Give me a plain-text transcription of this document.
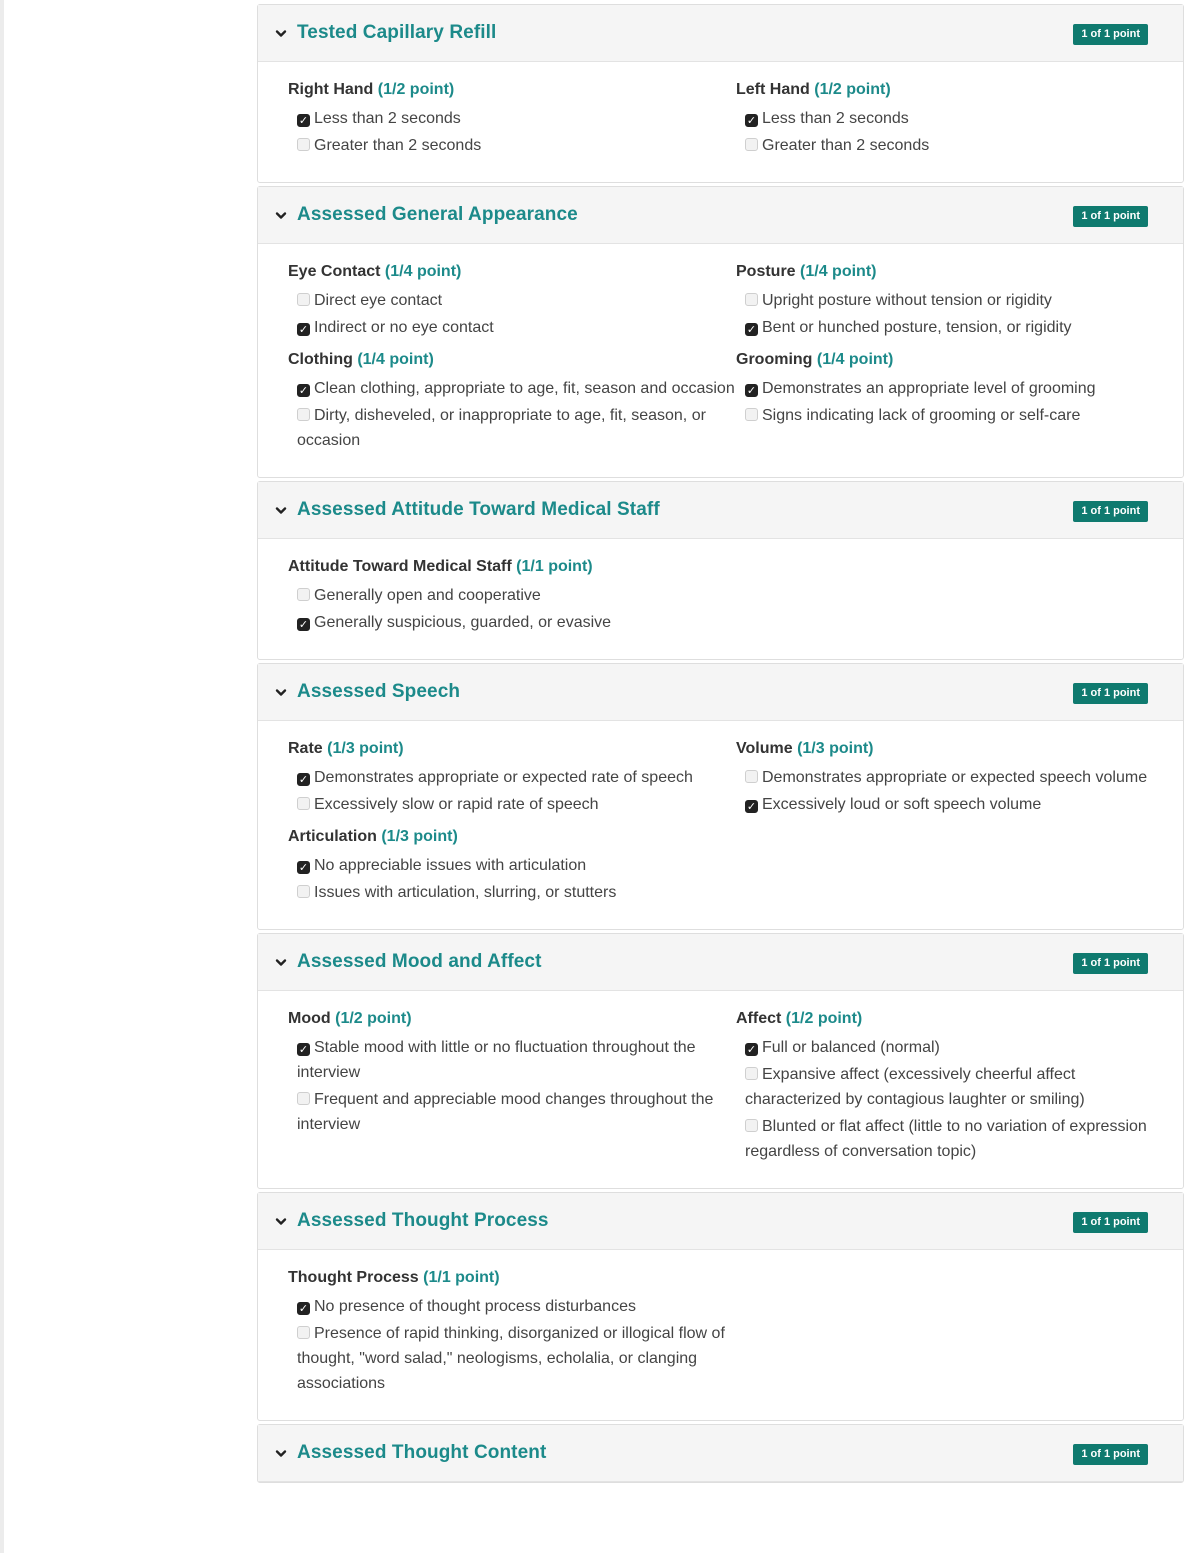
Tested Capillary Refill	1 of 1 point
Right Hand (1/2 point)
✓ Less than 2 seconds
Greater than 2 seconds
Left Hand (1/2 point)
✓ Less than 2 seconds
Greater than 2 seconds
Assessed General Appearance	1 of 1 point
Eye Contact (1/4 point)
Direct eye contact
✓ Indirect or no eye contact
Clothing (1/4 point)
✓ Clean clothing, appropriate to age, fit, season and occasion
Dirty, disheveled, or inappropriate to age, fit, season, or occasion
Posture (1/4 point)
Upright posture without tension or rigidity
✓ Bent or hunched posture, tension, or rigidity
Grooming (1/4 point)
✓ Demonstrates an appropriate level of grooming
Signs indicating lack of grooming or self-care
Assessed Attitude Toward Medical Staff	1 of 1 point
Attitude Toward Medical Staff (1/1 point)
Generally open and cooperative
✓ Generally suspicious, guarded, or evasive
Assessed Speech	1 of 1 point
Rate (1/3 point)
✓ Demonstrates appropriate or expected rate of speech
Excessively slow or rapid rate of speech
Articulation (1/3 point)
✓ No appreciable issues with articulation
Issues with articulation, slurring, or stutters
Volume (1/3 point)
Demonstrates appropriate or expected speech volume
✓ Excessively loud or soft speech volume
Assessed Mood and Affect	1 of 1 point
Mood (1/2 point)
✓ Stable mood with little or no fluctuation throughout the interview
Frequent and appreciable mood changes throughout the interview
Affect (1/2 point)
✓ Full or balanced (normal)
Expansive affect (excessively cheerful affect characterized by contagious laughter or smiling)
Blunted or flat affect (little to no variation of expression regardless of conversation topic)
Assessed Thought Process	1 of 1 point
Thought Process (1/1 point)
✓ No presence of thought process disturbances
Presence of rapid thinking, disorganized or illogical flow of thought, "word salad," neologisms, echolalia, or clanging associations
Assessed Thought Content	1 of 1 point
